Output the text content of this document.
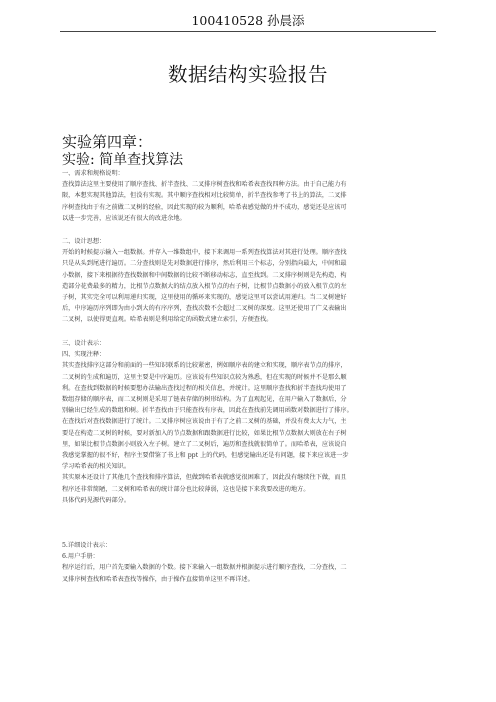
100410528 孙晨添
数据结构实验报告
实验第四章：
实验: 简单查找算法

一、需求和规格说明：

查找算法这里主要使用了顺序查找、折半查找、二叉排序树查找和哈希表查找四种方法。由于自己能力有

限，本想实现其他算法，但没有实现。其中顺序查找相对比较简单，折半查找参考了书上的算法，二叉排

序树查找由于有之前做二叉树的经验，因此实现的较为顺利，哈希表感觉做的并不成功，感觉还是应该可

以进一步完善，应该说还有很大的改进余地。

二、设计思想：

开始的时候提示输入一组数据。并存入一维数组中，接下来调用一系列查找算法对其进行处理。顺序查找

只是从头到尾进行遍历。二分查找则是先对数据进行排序，然后利用三个标志，分别指向最大，中间和最

小数据，接下来根据待查找数据和中间数据的比较不断移动标志，直至找到。二叉排序树则是先构造，构

造部分花费最多的精力，比根节点数据大的结点放入根节点的右子树，比根节点数据小的放入根节点的左

子树，其实完全可以利用递归实现，这里使用的循环来实现的，感觉这里可以尝试用递归。当二叉树建好

后，中序遍历序列即为由小到大的有序序列，查找次数不会超过二叉树的深度。这里还使用了广义表输出

二叉树，以使得更直观。哈希表则是利用给定的函数式建立索引，方便查找。

三、设计表示：

四、实现注释：

其实查找排序这部分和前面的一些知识联系的比较紧密，例如顺序表的建立和实现，顺序表节点的排序，

二叉树的生成和遍历，这里主要是中序遍历。应该说有些知识点较为熟悉，但在实现的时候并不是那么顺

利。在查找到数据的时候要想办法输出查找过程的相关信息，并统计。这里顺序查找和折半查找均使用了

数组存储的顺序表，而二叉树则是采用了链表存储的树形结构。为了直观起见，在用户输入了数据后，分

别输出已经生成的数组和树。折半查找由于只能查找有序表，因此在查找前先调用函数对数据进行了排序。

在查找后对查找数据进行了统计。二叉排序树应该说由于有了之前二叉树的基础，并没有费太大力气，主

要是在构造二叉树的时候，要对新加入的节点数据和跟数据进行比较，如果比根节点数据大则放在右子树

里，如果比根节点数据小则放入左子树。建立了二叉树后，遍历和查找就很简单了。而哈希表，应该说自

我感觉掌握的很不好，程序主要借鉴了书上和 ppt 上的代码，但感觉输出还是有问题，接下来应该进一步

学习哈希表的相关知识。

其实原本还设计了其他几个查找和排序算法，但做到哈希表就感觉很困难了，因此没有继续往下做，而且

程序还非常简陋，二叉树和哈希表的统计部分也比较薄弱，这也是接下来我要改进的地方。

具体代码见源代码部分。

5.详细设计表示：

6.用户手册：

程序运行后，用户首先要输入数据的个数。接下来输入一组数据并根据提示进行顺序查找，二分查找，二

叉排序树查找和哈希表查找等操作，由于操作直接简单这里不再详述。
